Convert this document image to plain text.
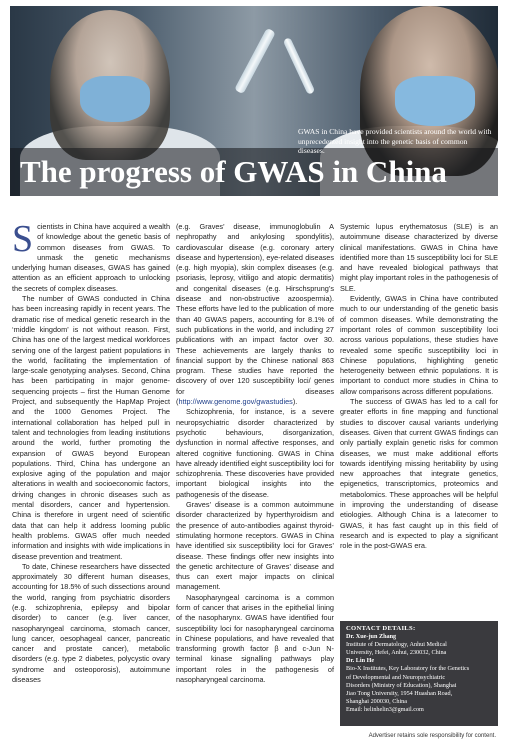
GWAS in China have provided scientists around the world with
unprecedented insight into the genetic basis of common diseases.
The progress of GWAS in China

Scientists in China have acquired a wealth of knowledge about the genetic basis of common diseases from GWAS. To unmask the genetic mechanisms underlying human diseases, GWAS has gained attention as an efficient approach to unlocking the secrets of complex diseases.

The number of GWAS conducted in China has been increasing rapidly in recent years. The dramatic rise of medical genetic research in the ‘middle kingdom’ is not without reason. First, China has one of the largest medical workforces serving one of the largest patient populations in the world, facilitating the implementation of large-scale genotyping analyses. Second, China has been participating in major genome-sequencing projects – first the Human Genome Project, and subsequently the HapMap Project and the 1000 Genomes Project. The international collaboration has helped pull in talent and technologies from leading institutions around the world, further promoting the expansion of GWAS beyond European populations. Third, China has undergone an explosive aging of the population and major alterations in wealth and socioeconomic factors, driving changes in chronic diseases such as mental disorders, cancer and hypertension. China is therefore in urgent need of scientific data that can help it address looming public health problems. GWAS offer much needed information and insights with wide implications in disease prevention and treatment.

To date, Chinese researchers have dissected approximately 30 different human diseases, accounting for 18.5% of such dissections around the world, ranging from psychiatric disorders (e.g. schizophrenia, epilepsy and bipolar disorder) to cancer (e.g. liver cancer, nasopharyngeal carcinoma, stomach cancer, lung cancer, oesophageal cancer, pancreatic cancer and prostate cancer), metabolic disorders (e.g. type 2 diabetes, polycystic ovary syndrome and osteoporosis), autoimmune diseases

(e.g. Graves’ disease, immunoglobulin A nephropathy and ankylosing spondylitis), cardiovascular disease (e.g. coronary artery disease and hypertension), eye-related diseases (e.g. high myopia), skin complex diseases (e.g. psoriasis, leprosy, vitiligo and atopic dermatitis) and congenital diseases (e.g. Hirschsprung’s disease and non-obstructive azoospermia). These efforts have led to the publication of more than 40 GWAS papers, accounting for 8.1% of such publications in the world, and including 27 publications with an impact factor over 30. These achievements are largely thanks to financial support by the Chinese national 863 program. These studies have reported the discovery of over 120 susceptibility loci/ genes for diseases (http://www.genome.gov/gwastudies).

Schizophrenia, for instance, is a severe neuropsychiatric disorder characterized by psychotic behaviours, disorganization, dysfunction in normal affective responses, and altered cognitive functioning. GWAS in China have already identified eight susceptibility loci for schizophrenia. These discoveries have provided important biological insights into the pathogenesis of the disease.

Graves’ disease is a common autoimmune disorder characterized by hyperthyroidism and the presence of auto-antibodies against thyroid-stimulating hormone receptors. GWAS in China have identified six susceptibility loci for Graves’ disease. These findings offer new insights into the genetic architecture of Graves’ disease and thus can exert major impacts on clinical management.

Nasopharyngeal carcinoma is a common form of cancer that arises in the epithelial lining of the nasopharynx. GWAS have identified four susceptibility loci for nasopharyngeal carcinoma in Chinese populations, and have revealed that transforming growth factor β and c-Jun N-terminal kinase signalling pathways play important roles in the pathogenesis of nasopharyngeal carcinoma.

Systemic lupus erythematosus (SLE) is an autoimmune disease characterized by diverse clinical manifestations. GWAS in China have identified more than 15 susceptibility loci for SLE and have revealed biological pathways that might play important roles in the pathogenesis of SLE.

Evidently, GWAS in China have contributed much to our understanding of the genetic basis of common diseases. While demonstrating the important roles of common susceptibility loci across various populations, these studies have revealed some specific susceptibility loci in Chinese populations, highlighting genetic heterogeneity between ethnic populations. It is important to conduct more studies in China to allow comparisons across different populations.

The success of GWAS has led to a call for greater efforts in fine mapping and functional studies to discover causal variants underlying diseases. Given that current GWAS findings can only partially explain genetic risks for common diseases, we must make additional efforts towards identifying missing heritability by using new approaches that integrate genetics, epigenetics, transcriptomics, proteomics and metabolomics. These approaches will be helpful in improving the understanding of disease etiologies. Although China is a latecomer to GWAS, it has fast caught up in this field of research and is expected to play a significant role in the post-GWAS era.

CONTACT DETAILS:
Dr. Xue-jun Zhang
Institute of Dermatology, Anhui Medical
University, Hefei, Anhui, 230032, China
Dr. Lin He
Bio-X Institutes, Key Laboratory for the Genetics
of Developmental and Neuropsychiatric
Disorders (Ministry of Education), Shanghai
Jiao Tong University, 1954 Huashan Road,
Shanghai 200030, China
Email: helinhelin3@gmail.com
Advertiser retains sole responsibility for content.
